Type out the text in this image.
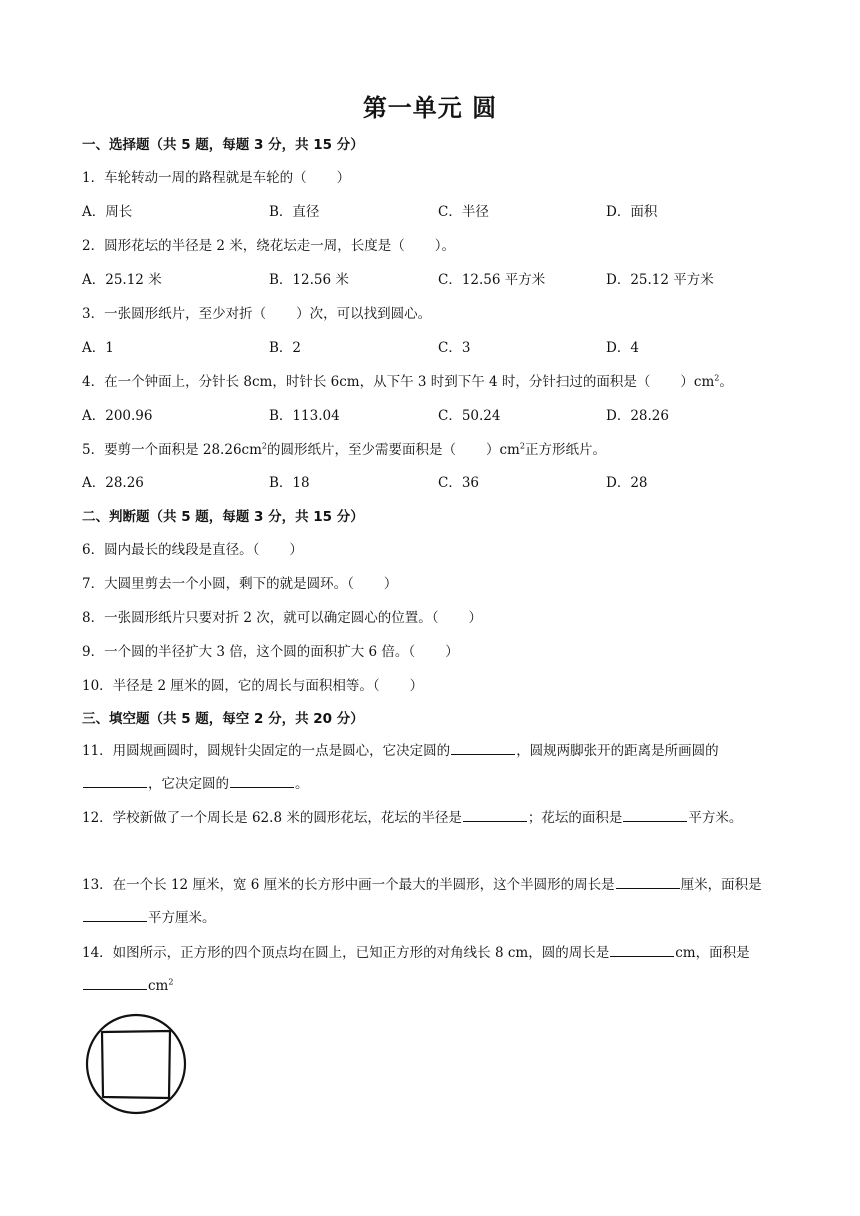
第一单元 圆
一、选择题（共 5 题，每题 3 分，共 15 分）
1．车轮转动一周的路程就是车轮的（ ）
A．周长	B．直径	C．半径	D．面积
2．圆形花坛的半径是 2 米，绕花坛走一周，长度是（ ）。
A．25.12 米	B．12.56 米	C．12.56 平方米	D．25.12 平方米
3．一张圆形纸片，至少对折（ ）次，可以找到圆心。
A．1	B．2	C．3	D．4
4．在一个钟面上，分针长 8cm，时针长 6cm，从下午 3 时到下午 4 时，分针扫过的面积是（ ）$cm^2$。
A．200.96	B．113.04	C．50.24	D．28.26
5．要剪一个面积是 $28.26cm^2$的圆形纸片，至少需要面积是（ ）$cm^2$正方形纸片。
A．28.26	B．18	C．36	D．28
二、判断题（共 5 题，每题 3 分，共 15 分）
6．圆内最长的线段是直径。（ ）
7．大圆里剪去一个小圆，剩下的就是圆环。（ ）
8．一张圆形纸片只要对折 2 次，就可以确定圆心的位置。（ ）
9．一个圆的半径扩大 3 倍，这个圆的面积扩大 6 倍。（ ）
10．半径是 2 厘米的圆，它的周长与面积相等。（ ）
三、填空题（共 5 题，每空 2 分，共 20 分）
11．用圆规画圆时，圆规针尖固定的一点是圆心，它决定圆的	，圆规两脚张开的距离是所画圆的，它决定圆的	。
12．学校新做了一个周长是 62.8 米的圆形花坛，花坛的半径是	；花坛的面积是	平方米。
13．在一个长 12 厘米，宽 6 厘米的长方形中画一个最大的半圆形，这个半圆形的周长是	厘米，面积是平方厘米。
14．如图所示，正方形的四个顶点均在圆上，已知正方形的对角线长 8 cm，圆的周长是	cm，面积是$cm^2$
